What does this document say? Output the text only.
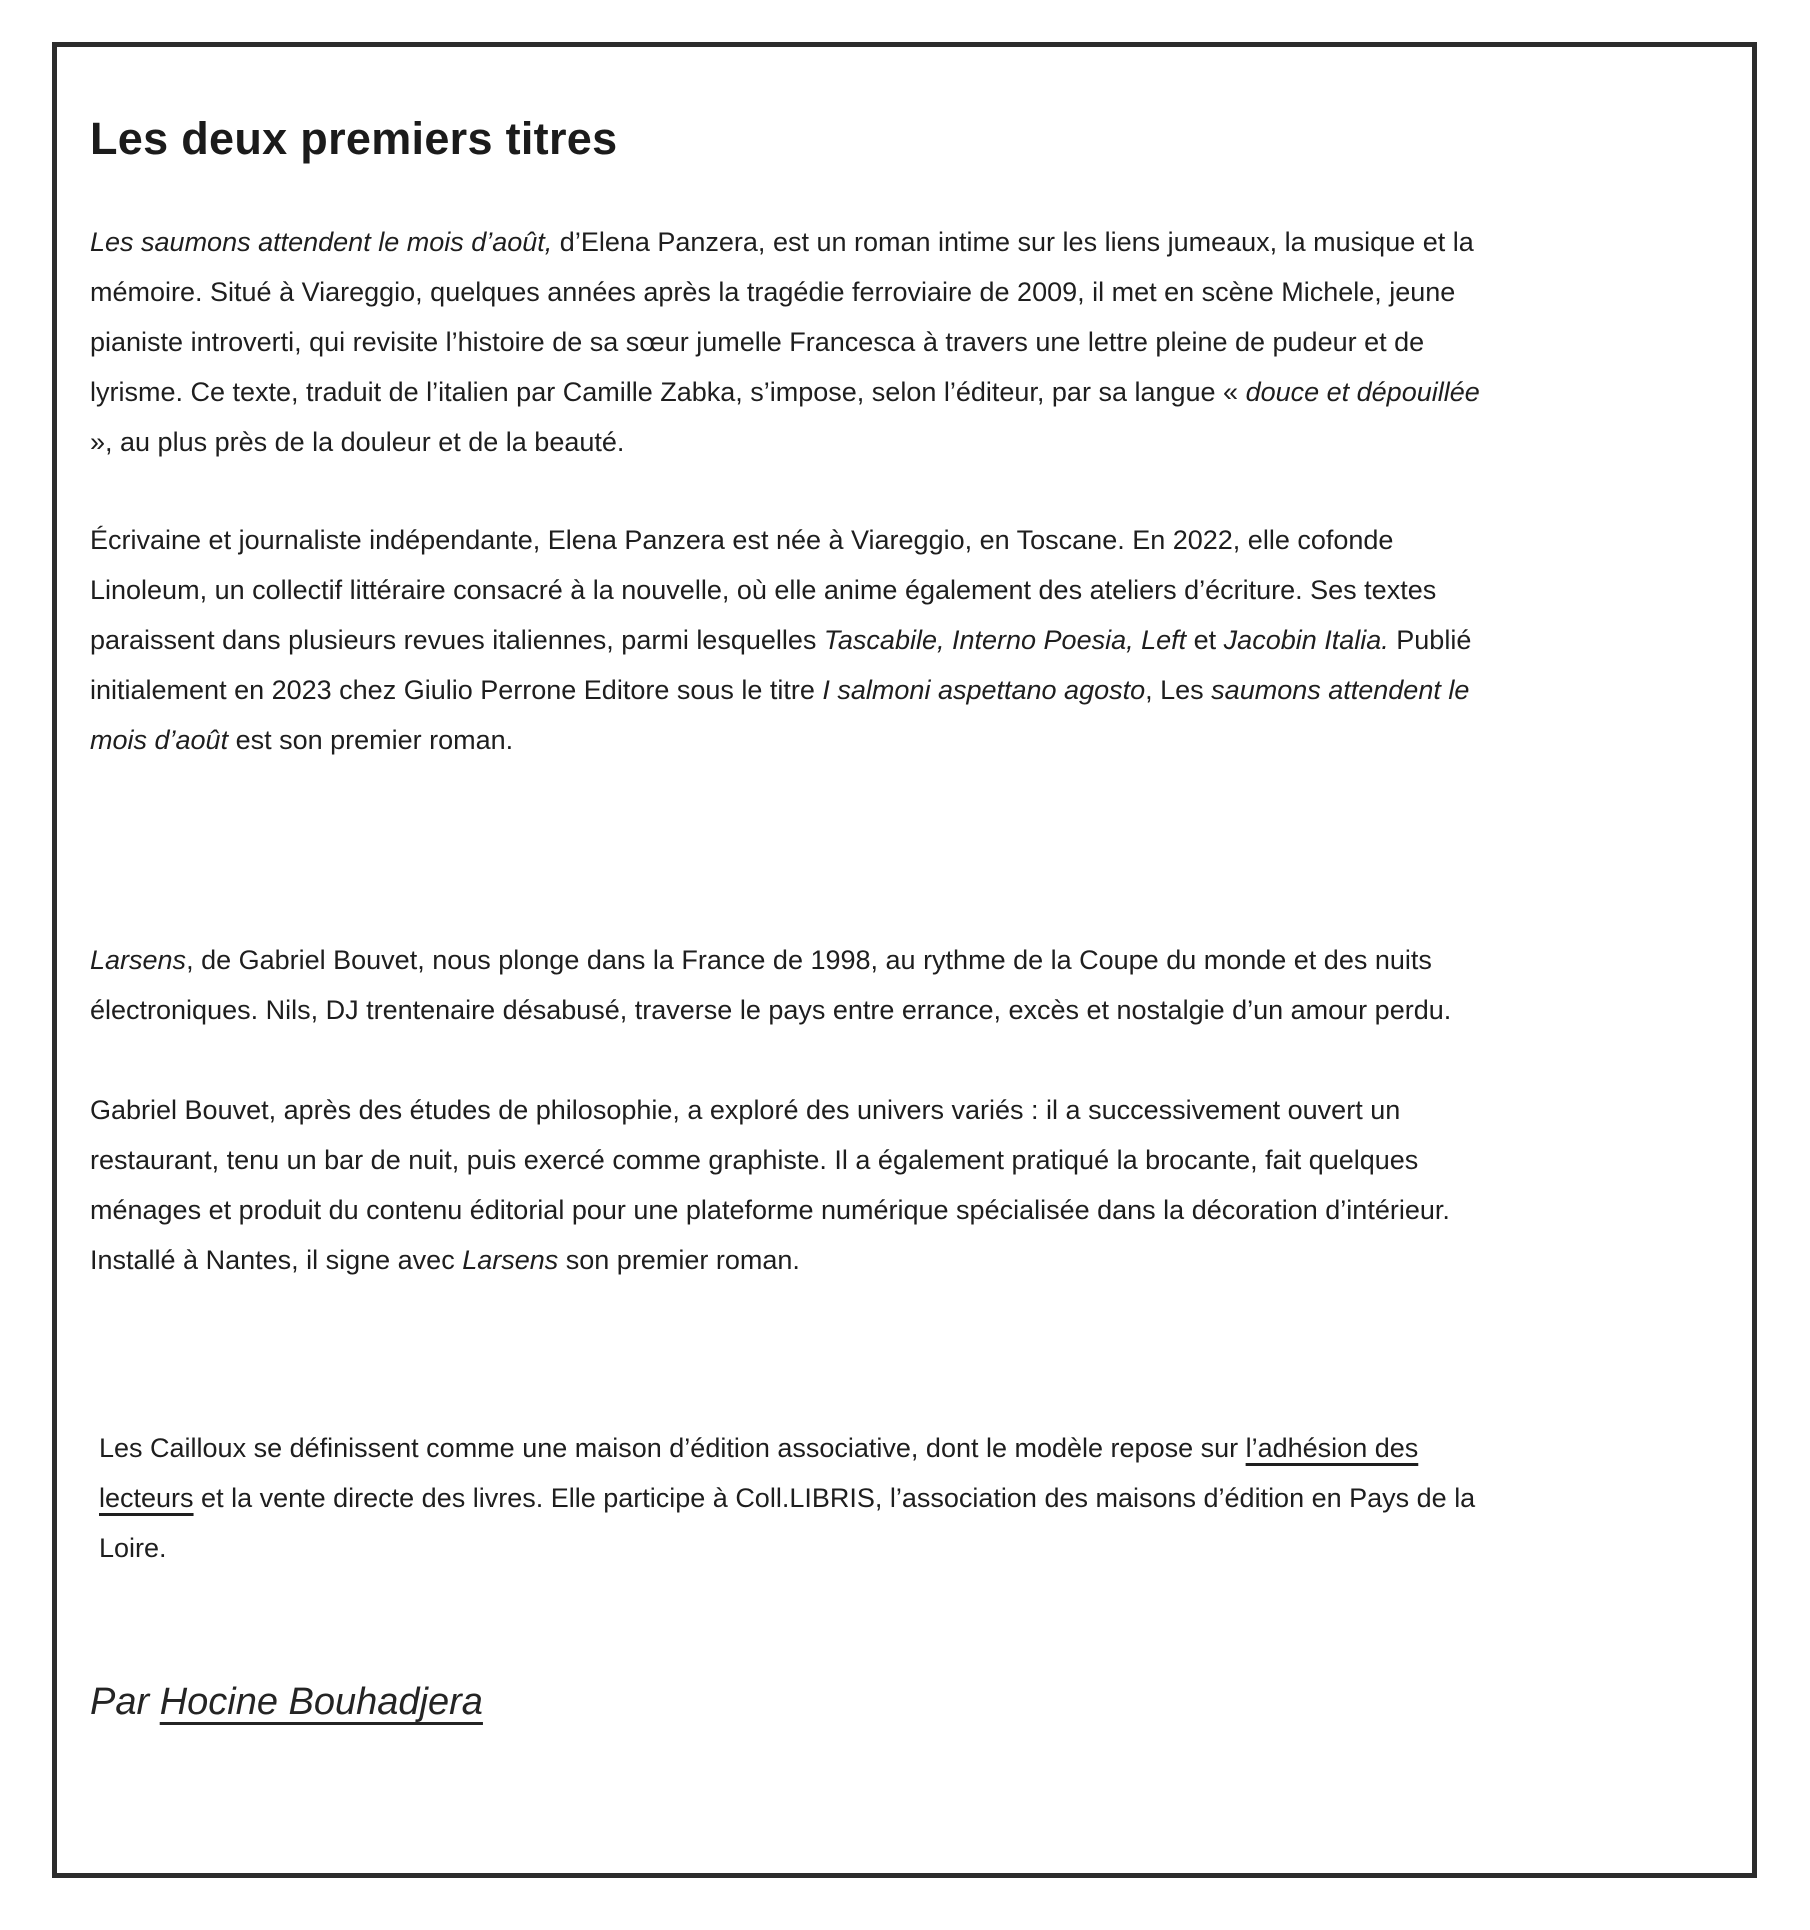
Les deux premiers titres

Les saumons attendent le mois d’août, d’Elena Panzera, est un roman intime sur les liens jumeaux, la musique et la mémoire. Situé à Viareggio, quelques années après la tragédie ferroviaire de 2009, il met en scène Michele, jeune pianiste introverti, qui revisite l’histoire de sa sœur jumelle Francesca à travers une lettre pleine de pudeur et de lyrisme. Ce texte, traduit de l’italien par Camille Zabka, s’impose, selon l’éditeur, par sa langue « douce et dépouillée », au plus près de la douleur et de la beauté.

Écrivaine et journaliste indépendante, Elena Panzera est née à Viareggio, en Toscane. En 2022, elle cofonde Linoleum, un collectif littéraire consacré à la nouvelle, où elle anime également des ateliers d’écriture. Ses textes paraissent dans plusieurs revues italiennes, parmi lesquelles Tascabile, Interno Poesia, Left et Jacobin Italia. Publié initialement en 2023 chez Giulio Perrone Editore sous le titre I salmoni aspettano agosto, Les saumons attendent le mois d’août est son premier roman.

Larsens, de Gabriel Bouvet, nous plonge dans la France de 1998, au rythme de la Coupe du monde et des nuits électroniques. Nils, DJ trentenaire désabusé, traverse le pays entre errance, excès et nostalgie d’un amour perdu.

Gabriel Bouvet, après des études de philosophie, a exploré des univers variés : il a successivement ouvert un restaurant, tenu un bar de nuit, puis exercé comme graphiste. Il a également pratiqué la brocante, fait quelques ménages et produit du contenu éditorial pour une plateforme numérique spécialisée dans la décoration d’intérieur. Installé à Nantes, il signe avec Larsens son premier roman.

Les Cailloux se définissent comme une maison d’édition associative, dont le modèle repose sur l’adhésion des lecteurs et la vente directe des livres. Elle participe à Coll.LIBRIS, l’association des maisons d’édition en Pays de la Loire.

Par Hocine Bouhadjera
